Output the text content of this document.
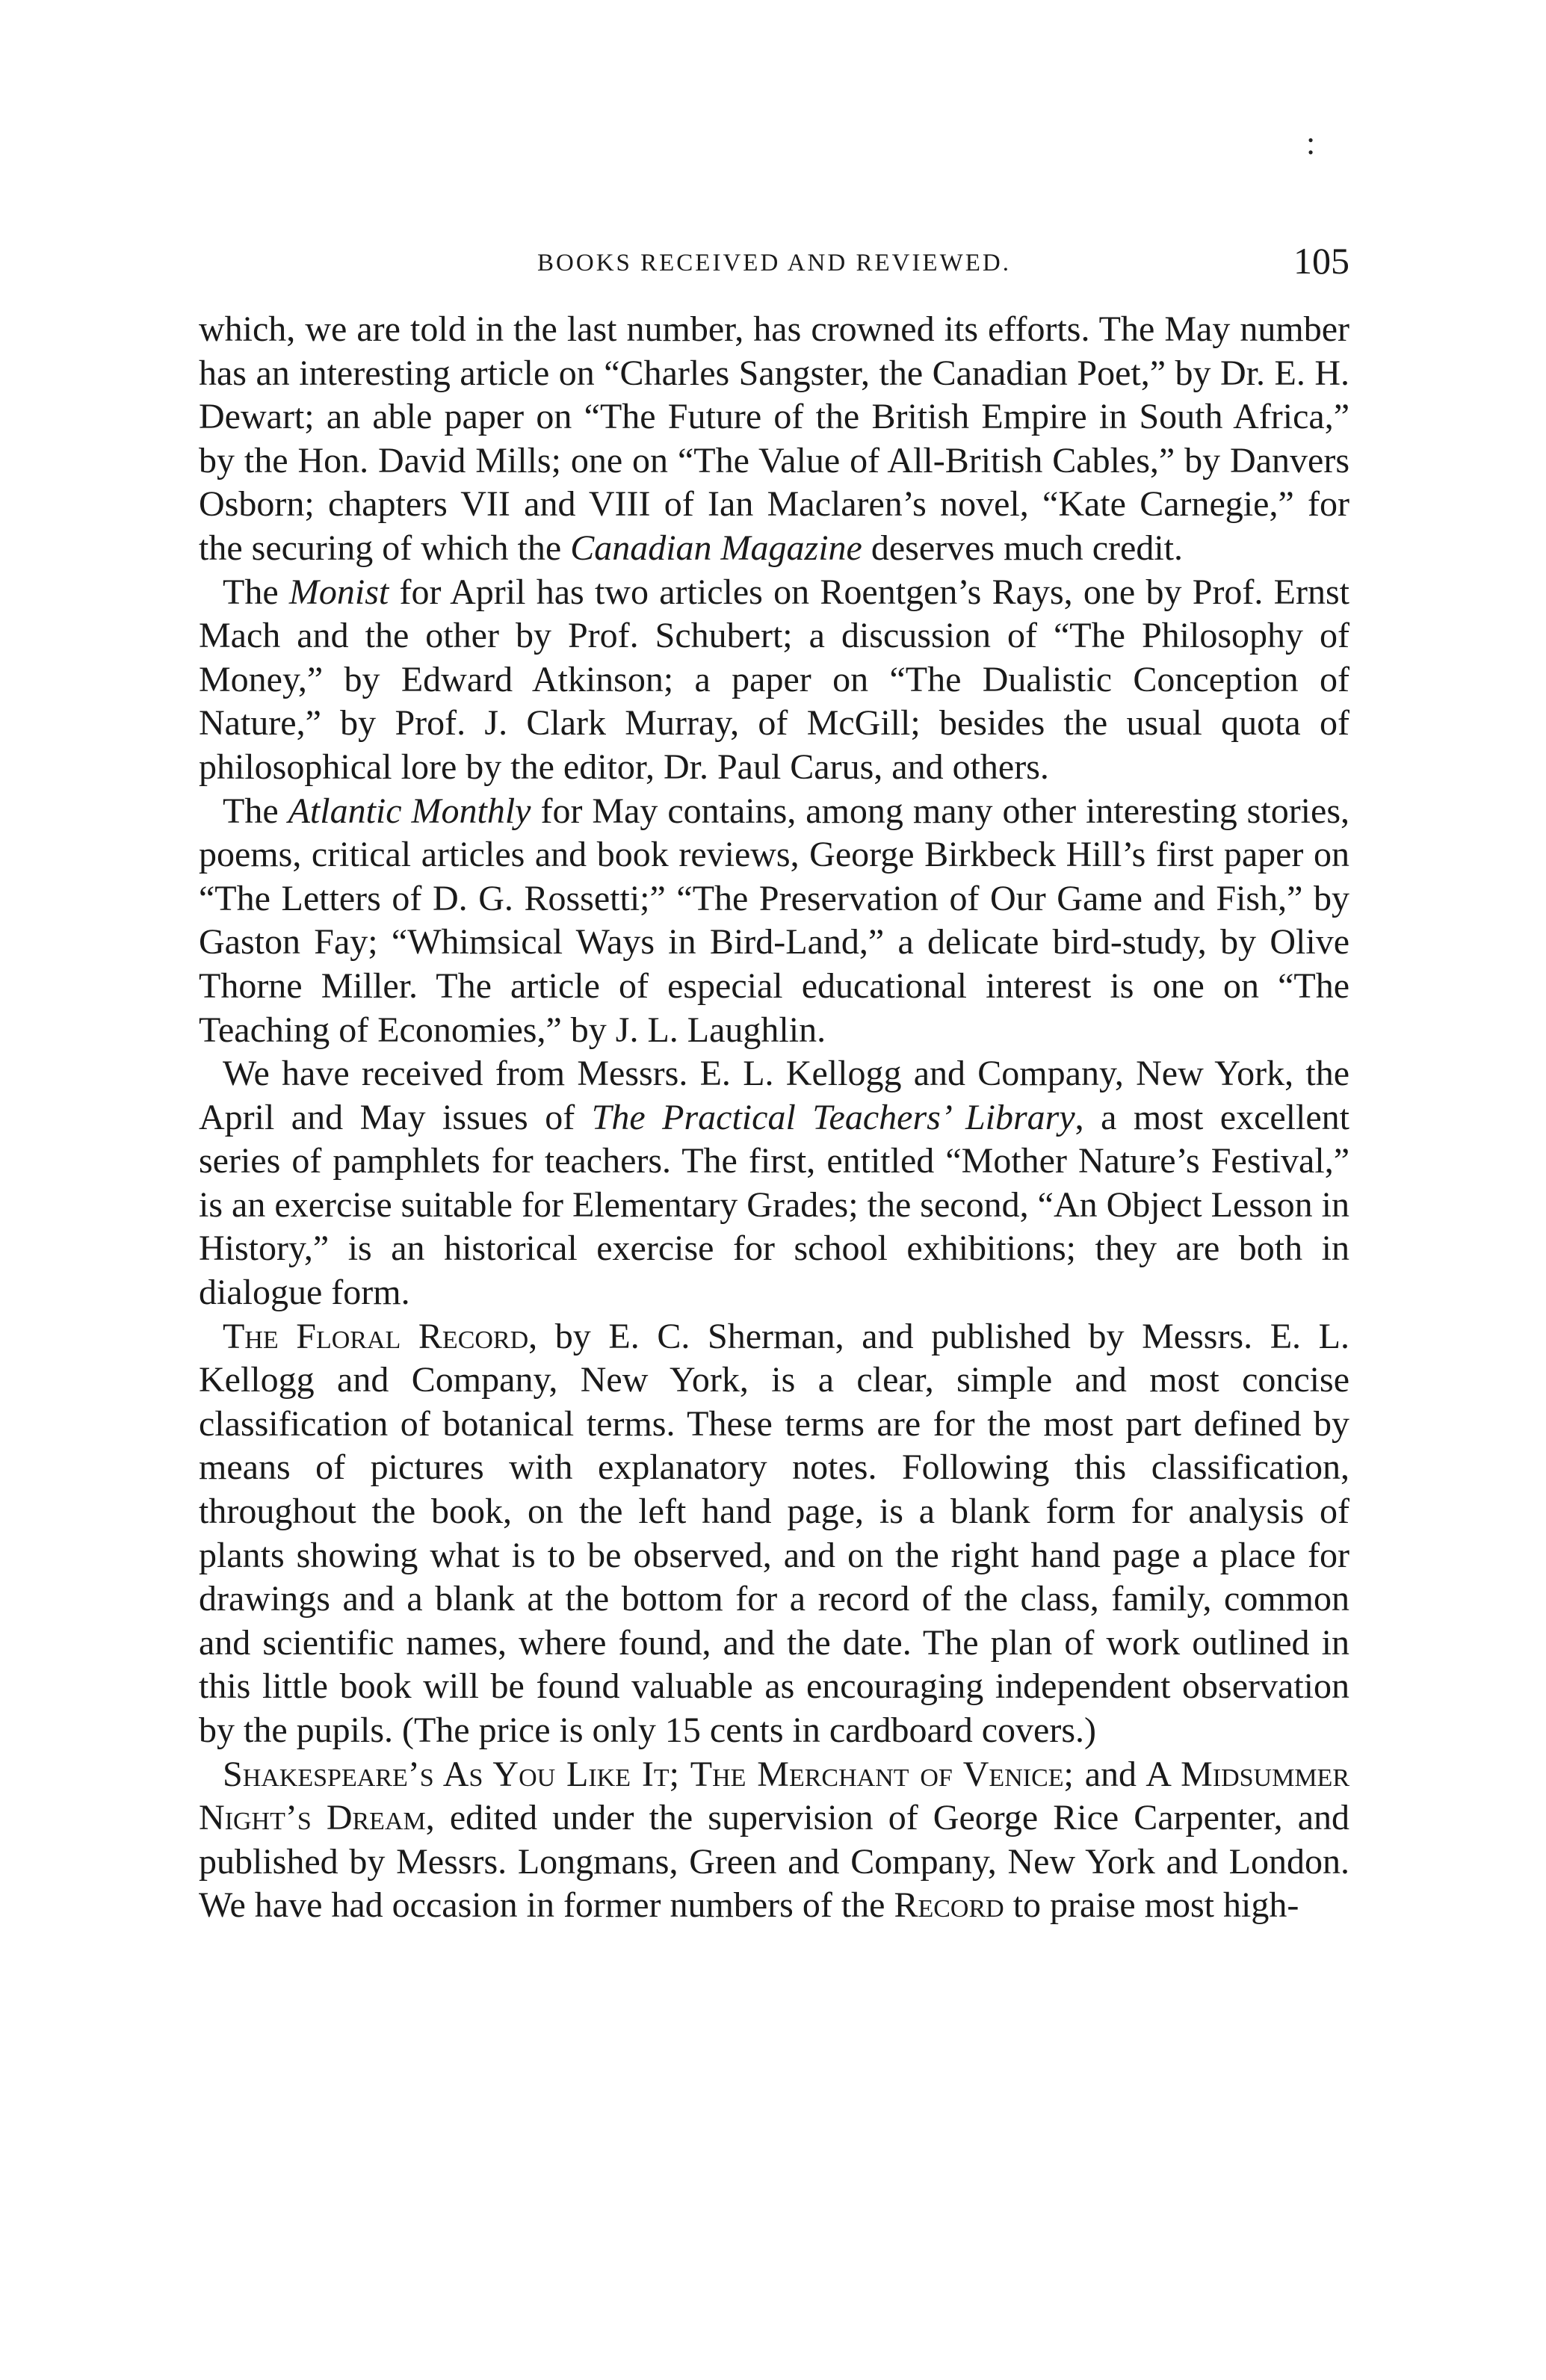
:
BOOKS RECEIVED AND REVIEWED.	105

which, we are told in the last number, has crowned its efforts. The May number has an interesting article on “Charles Sangster, the Canadian Poet,” by Dr. E. H. Dewart; an able paper on “The Future of the British Empire in South Africa,” by the Hon. David Mills; one on “The Value of All-British Cables,” by Danvers Osborn; chapters VII and VIII of Ian Maclaren’s novel, “Kate Carnegie,” for the securing of which the Canadian Magazine deserves much credit.

The Monist for April has two articles on Roentgen’s Rays, one by Prof. Ernst Mach and the other by Prof. Schubert; a discussion of “The Philosophy of Money,” by Edward Atkinson; a paper on “The Dualistic Conception of Nature,” by Prof. J. Clark Murray, of McGill; besides the usual quota of philosophical lore by the editor, Dr. Paul Carus, and others.

The Atlantic Monthly for May contains, among many other interesting stories, poems, critical articles and book reviews, George Birkbeck Hill’s first paper on “The Letters of D. G. Rossetti;” “The Preservation of Our Game and Fish,” by Gaston Fay; “Whimsical Ways in Bird-Land,” a delicate bird-study, by Olive Thorne Miller. The article of especial educational interest is one on “The Teaching of Economies,” by J. L. Laughlin.

We have received from Messrs. E. L. Kellogg and Company, New York, the April and May issues of The Practical Teachers’ Library, a most excellent series of pamphlets for teachers. The first, entitled “Mother Nature’s Festival,” is an exercise suitable for Elementary Grades; the second, “An Object Lesson in History,” is an historical exercise for school exhibitions; they are both in dialogue form.

The Floral Record, by E. C. Sherman, and published by Messrs. E. L. Kellogg and Company, New York, is a clear, simple and most concise classification of botanical terms. These terms are for the most part defined by means of pictures with explanatory notes. Following this classification, throughout the book, on the left hand page, is a blank form for analysis of plants showing what is to be observed, and on the right hand page a place for drawings and a blank at the bottom for a record of the class, family, common and scientific names, where found, and the date. The plan of work outlined in this little book will be found valuable as encouraging independent observation by the pupils. (The price is only 15 cents in cardboard covers.)

Shakespeare’s As You Like It; The Merchant of Venice; and A Midsummer Night’s Dream, edited under the supervision of George Rice Carpenter, and published by Messrs. Longmans, Green and Company, New York and London. We have had occasion in former numbers of the Record to praise most high-
